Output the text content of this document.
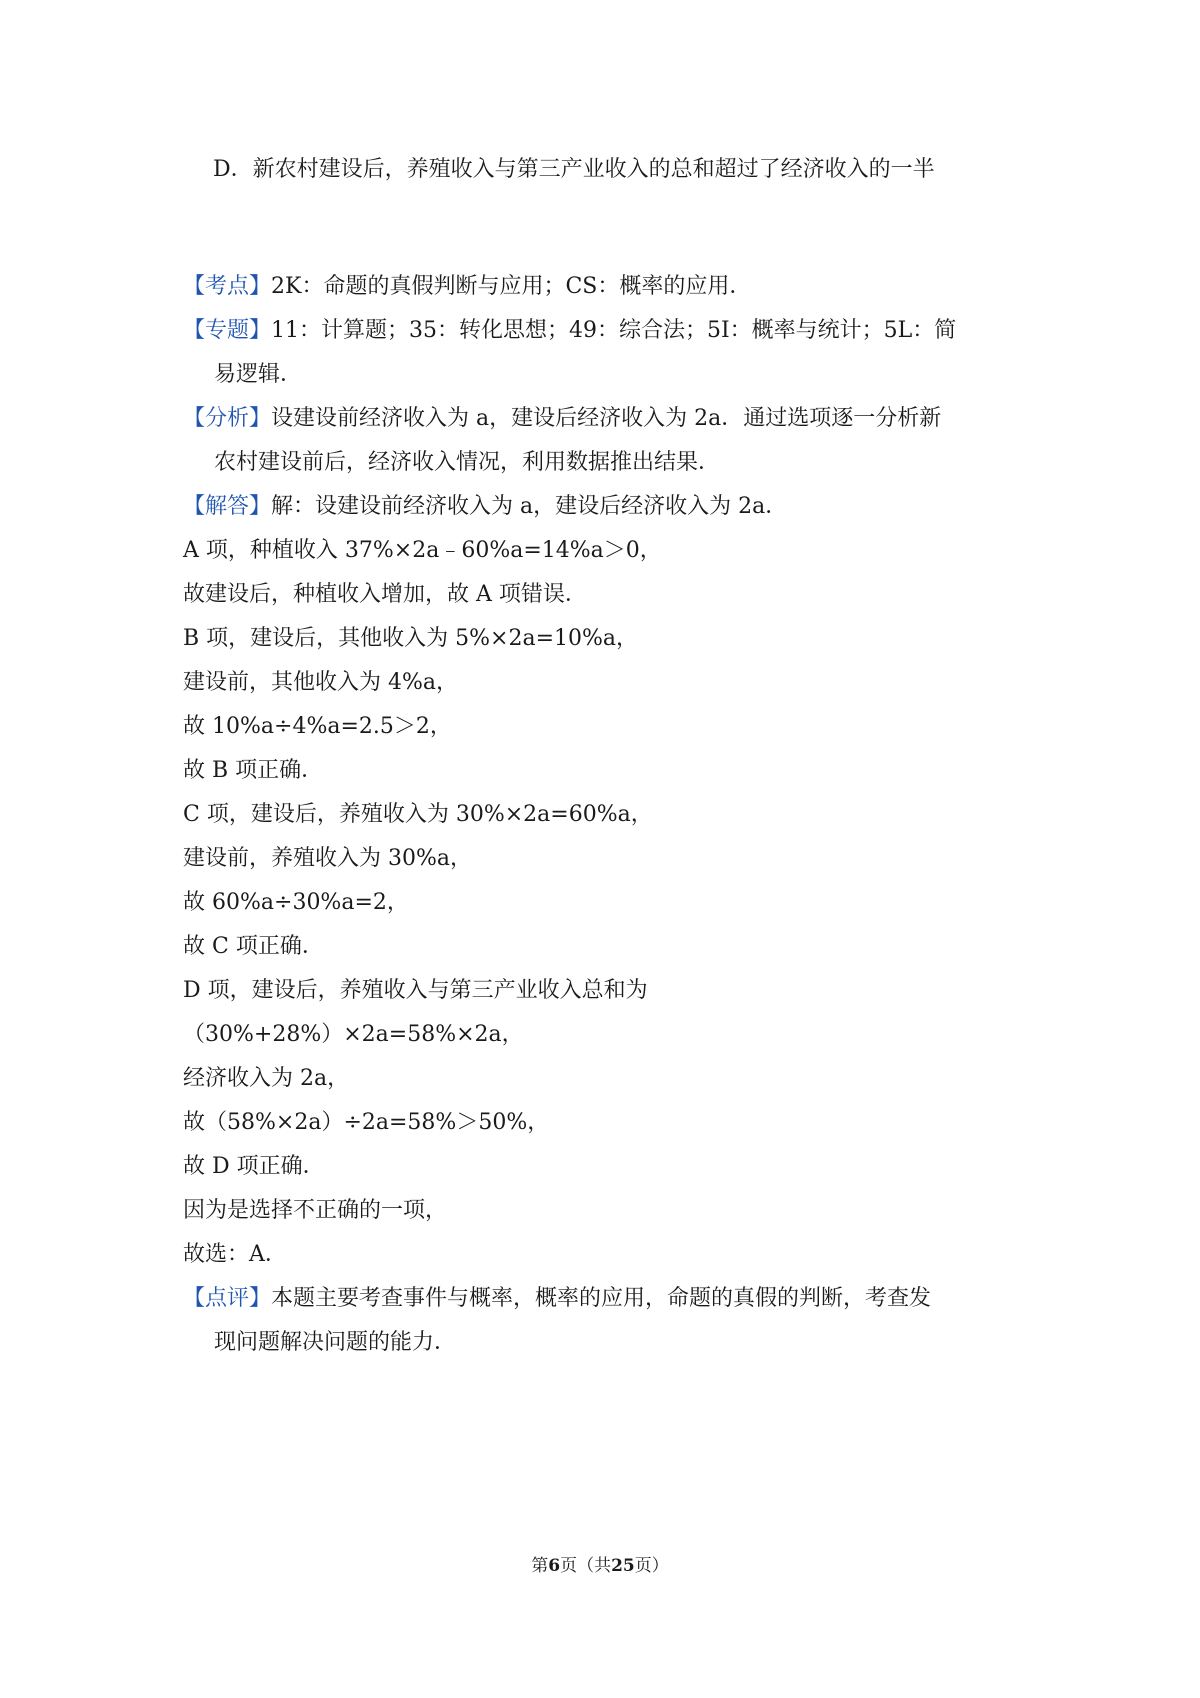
D．新农村建设后，养殖收入与第三产业收入的总和超过了经济收入的一半

【考点】2K：命题的真假判断与应用；CS：概率的应用．

【专题】11：计算题；35：转化思想；49：综合法；5I：概率与统计；5L：简

易逻辑．

【分析】设建设前经济收入为 a，建设后经济收入为 2a．通过选项逐一分析新

农村建设前后，经济收入情况，利用数据推出结果．

【解答】解：设建设前经济收入为 a，建设后经济收入为 2a．

A 项，种植收入 37%×2a﹣60%a=14%a＞0，

故建设后，种植收入增加，故 A 项错误．

B 项，建设后，其他收入为 5%×2a=10%a，

建设前，其他收入为 4%a，

故 10%a÷4%a=2.5＞2，

故 B 项正确．

C 项，建设后，养殖收入为 30%×2a=60%a，

建设前，养殖收入为 30%a，

故 60%a÷30%a=2，

故 C 项正确．

D 项，建设后，养殖收入与第三产业收入总和为

（30%+28%）×2a=58%×2a，

经济收入为 2a，

故（58%×2a）÷2a=58%＞50%，

故 D 项正确．

因为是选择不正确的一项，

故选：A．

【点评】本题主要考查事件与概率，概率的应用，命题的真假的判断，考查发

现问题解决问题的能力．

第6页（共25页）
